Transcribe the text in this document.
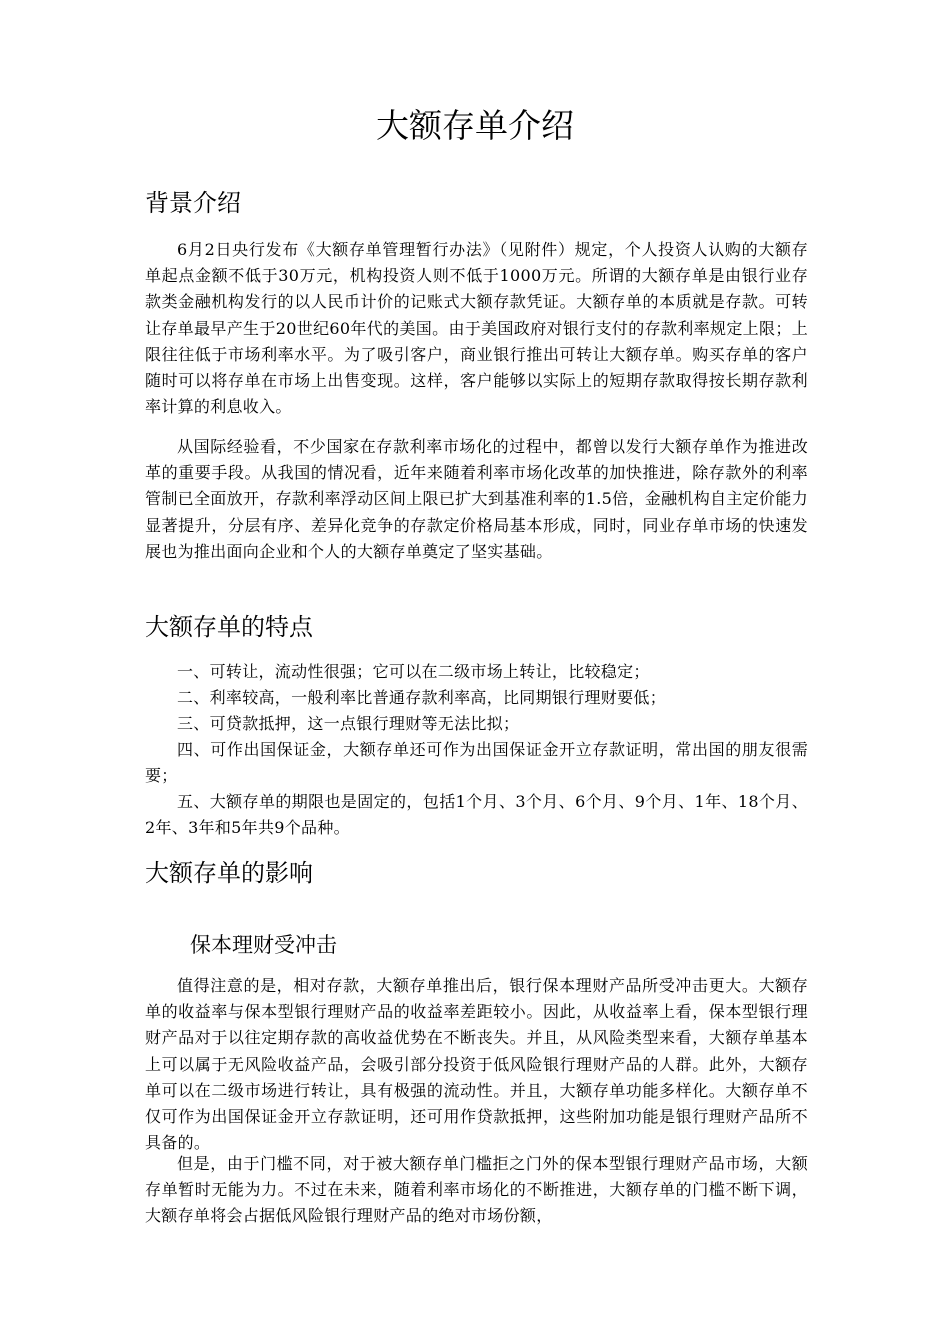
大额存单介绍
背景介绍

6月2日央行发布《大额存单管理暂行办法》（见附件）规定，个人投资人认购的大额存单起点金额不低于30万元，机构投资人则不低于1000万元。所谓的大额存单是由银行业存款类金融机构发行的以人民币计价的记账式大额存款凭证。大额存单的本质就是存款。可转让存单最早产生于20世纪60年代的美国。由于美国政府对银行支付的存款利率规定上限；上限往往低于市场利率水平。为了吸引客户，商业银行推出可转让大额存单。购买存单的客户随时可以将存单在市场上出售变现。这样，客户能够以实际上的短期存款取得按长期存款利率计算的利息收入。

从国际经验看，不少国家在存款利率市场化的过程中，都曾以发行大额存单作为推进改革的重要手段。从我国的情况看，近年来随着利率市场化改革的加快推进，除存款外的利率管制已全面放开，存款利率浮动区间上限已扩大到基准利率的1.5倍，金融机构自主定价能力显著提升，分层有序、差异化竞争的存款定价格局基本形成，同时，同业存单市场的快速发展也为推出面向企业和个人的大额存单奠定了坚实基础。

大额存单的特点

一、可转让，流动性很强；它可以在二级市场上转让，比较稳定；

二、利率较高，一般利率比普通存款利率高，比同期银行理财要低；

三、可贷款抵押，这一点银行理财等无法比拟；

四、可作出国保证金，大额存单还可作为出国保证金开立存款证明，常出国的朋友很需要；

五、大额存单的期限也是固定的，包括1个月、3个月、6个月、9个月、1年、18个月、2年、3年和5年共9个品种。

大额存单的影响
保本理财受冲击

值得注意的是，相对存款，大额存单推出后，银行保本理财产品所受冲击更大。大额存单的收益率与保本型银行理财产品的收益率差距较小。因此，从收益率上看，保本型银行理财产品对于以往定期存款的高收益优势在不断丧失。并且，从风险类型来看，大额存单基本上可以属于无风险收益产品，会吸引部分投资于低风险银行理财产品的人群。此外，大额存单可以在二级市场进行转让，具有极强的流动性。并且，大额存单功能多样化。大额存单不仅可作为出国保证金开立存款证明，还可用作贷款抵押，这些附加功能是银行理财产品所不具备的。

但是，由于门槛不同，对于被大额存单门槛拒之门外的保本型银行理财产品市场，大额存单暂时无能为力。不过在未来，随着利率市场化的不断推进，大额存单的门槛不断下调，大额存单将会占据低风险银行理财产品的绝对市场份额，
